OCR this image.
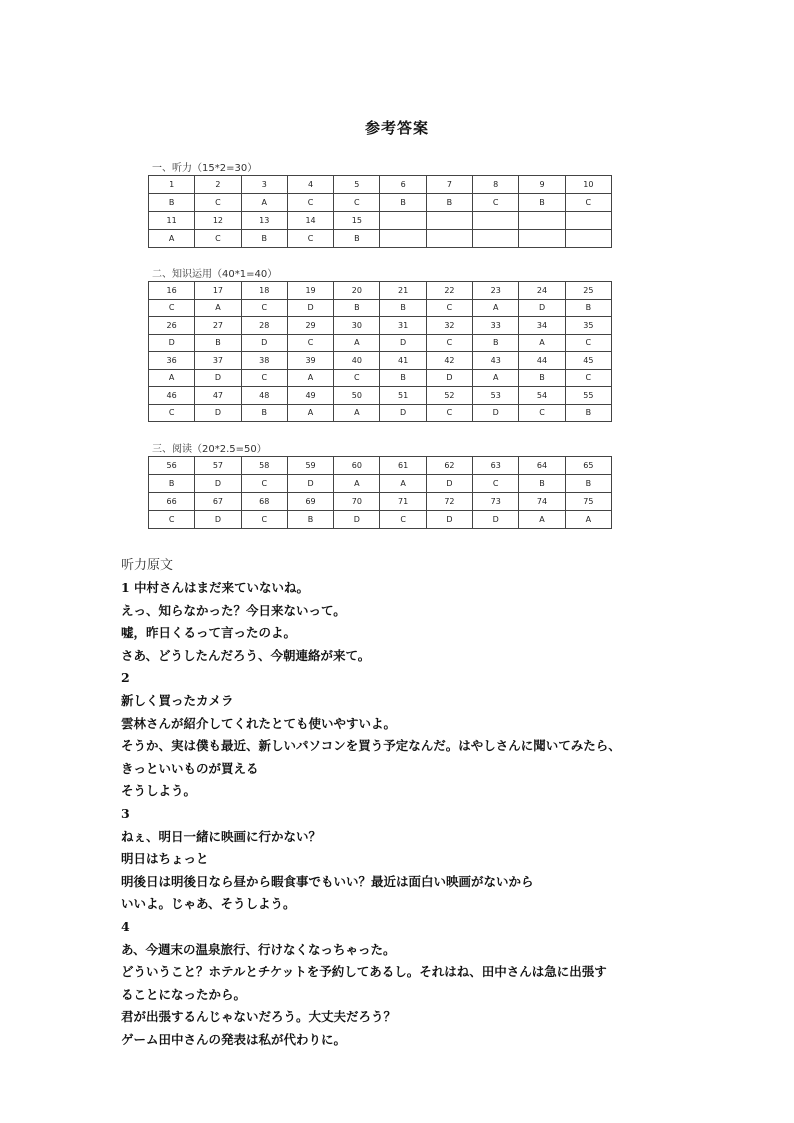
参考答案
一、听力（15*2=30）
1	2	3	4	5	6	7	8	9	10
B	C	A	C	C	B	B	C	B	C
11	12	13	14	15					
A	C	B	C	B					
二、知识运用（40*1=40）
16	17	18	19	20	21	22	23	24	25
C	A	C	D	B	B	C	A	D	B
26	27	28	29	30	31	32	33	34	35
D	B	D	C	A	D	C	B	A	C
36	37	38	39	40	41	42	43	44	45
A	D	C	A	C	B	D	A	B	C
46	47	48	49	50	51	52	53	54	55
C	D	B	A	A	D	C	D	C	B
三、阅读（20*2.5=50）
56	57	58	59	60	61	62	63	64	65
B	D	C	D	A	A	D	C	B	B
66	67	68	69	70	71	72	73	74	75
C	D	C	B	D	C	D	D	A	A
听力原文
1 中村さんはまだ来ていないね。
えっ、知らなかった？今日来ないって。
嘘，昨日くるって言ったのよ。
さあ、どうしたんだろう、今朝連絡が来て。
2
新しく買ったカメラ
雲林さんが紹介してくれたとても使いやすいよ。
そうか、実は僕も最近、新しいパソコンを買う予定なんだ。はやしさんに聞いてみたら、
きっといいものが買える
そうしよう。
3
ねぇ、明日一緒に映画に行かない？
明日はちょっと
明後日は明後日なら昼から暇食事でもいい？最近は面白い映画がないから
いいよ。じゃあ、そうしよう。
4
あ、今週末の温泉旅行、行けなくなっちゃった。
どういうこと？ホテルとチケットを予約してあるし。それはね、田中さんは急に出張す
ることになったから。
君が出張するんじゃないだろう。大丈夫だろう？
ゲーム田中さんの発表は私が代わりに。
